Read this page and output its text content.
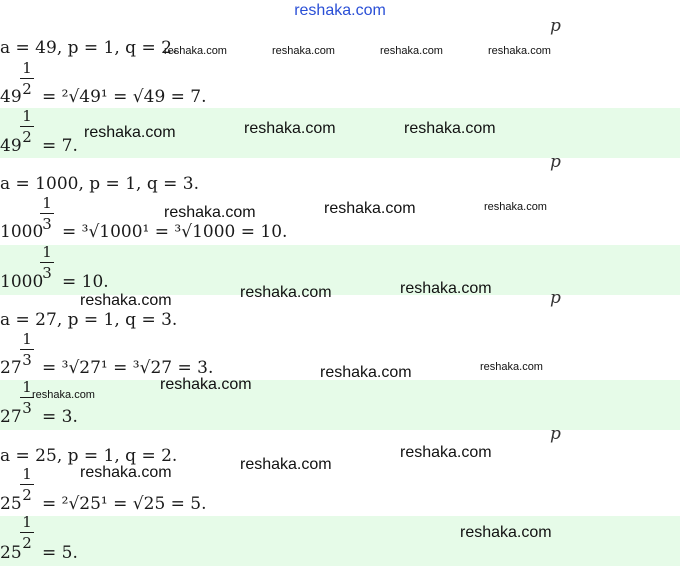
reshaka.com
p
a = 49, p = 1, q = 2.
49
1
2 = ²√49¹ = √49 = 7.
49
1
2 = 7.
p
a = 1000, p = 1, q = 3.
1000
1
3 = ³√1000¹ = ³√1000 = 10.
1000
1
3 = 10.
p
a = 27, p = 1, q = 3.
27
1
3 = ³√27¹ = ³√27 = 3.
27
1
3 = 3.
p
a = 25, p = 1, q = 2.
25
1
2 = ²√25¹ = √25 = 5.
25
1
2 = 5.
reshaka.com	reshaka.com	reshaka.com	reshaka.com
reshaka.com	reshaka.com	reshaka.com
reshaka.com	reshaka.com	reshaka.com
reshaka.com	reshaka.com	reshaka.com
reshaka.com
reshaka.com	reshaka.com
reshaka.com
reshaka.com	reshaka.com
reshaka.com
reshaka.com
